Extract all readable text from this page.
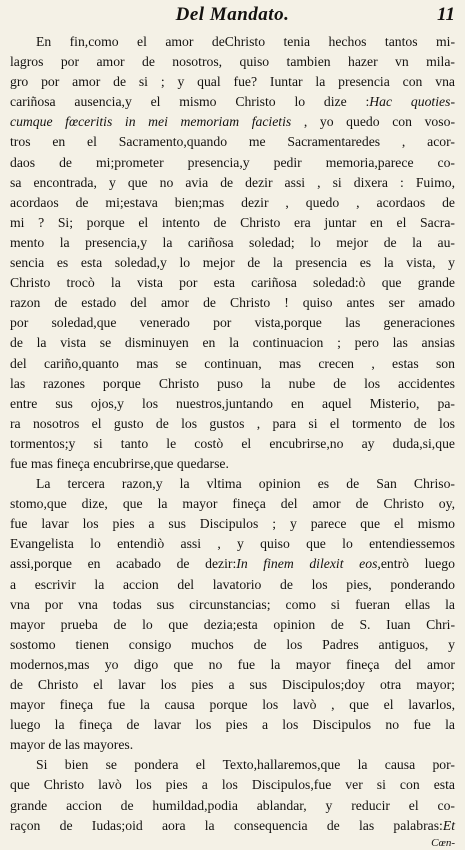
Del Mandato.	11
En fin,como el amor deChristo tenia hechos tantos mi-
lagros por amor de nosotros, quiso tambien hazer vn mila-
gro por amor de si ; y qual fue? Iuntar la presencia con vna
cariñosa ausencia,y el mismo Christo lo dize :Hac quoties-
cumque fœceritis in mei memoriam facietis , yo quedo con voso-
tros en el Sacramento,quando me Sacramentaredes , acor-
daos de mi;prometer presencia,y pedir memoria,parece co-
sa encontrada, y que no avia de dezir assi , si dixera : Fuimo,
acordaos de mi;estava bien;mas dezir , quedo , acordaos de
mi ? Si; porque el intento de Christo era juntar en el Sacra-
mento la presencia,y la cariñosa soledad; lo mejor de la au-
sencia es esta soledad,y lo mejor de la presencia es la vista, y
Christo trocò la vista por esta cariñosa soledad:ò que grande
razon de estado del amor de Christo ! quiso antes ser amado
por soledad,que venerado por vista,porque las generaciones
de la vista se disminuyen en la continuacion ; pero las ansias
del cariño,quanto mas se continuan, mas crecen , estas son
las razones porque Christo puso la nube de los accidentes
entre sus ojos,y los nuestros,juntando en aquel Misterio, pa-
ra nosotros el gusto de los gustos , para si el tormento de los
tormentos;y si tanto le costò el encubrirse,no ay duda,si,que
fue mas fineça encubrirse,que quedarse.
La tercera razon,y la vltima opinion es de San Chriso-
stomo,que dize, que la mayor fineça del amor de Christo oy,
fue lavar los pies a sus Discipulos ; y parece que el mismo
Evangelista lo entendiò assi , y quiso que lo entendiessemos
assi,porque en acabado de dezir:In finem dilexit eos,entrò luego
a escrivir la accion del lavatorio de los pies, ponderando
vna por vna todas sus circunstancias; como si fueran ellas la
mayor prueba de lo que dezia;esta opinion de S. Iuan Chri-
sostomo tienen consigo muchos de los Padres antiguos, y
modernos,mas yo digo que no fue la mayor fineça del amor
de Christo el lavar los pies a sus Discipulos;doy otra mayor;
mayor fineça fue la causa porque los lavò , que el lavarlos,
luego la fineça de lavar los pies a los Discipulos no fue la
mayor de las mayores.
Si bien se pondera el Texto,hallaremos,que la causa por-
que Christo lavò los pies a los Discipulos,fue ver si con esta
grande accion de humildad,podia ablandar, y reducir el co-
raçon de Iudas;oid aora la consequencia de las palabras:Et
Cœn-
